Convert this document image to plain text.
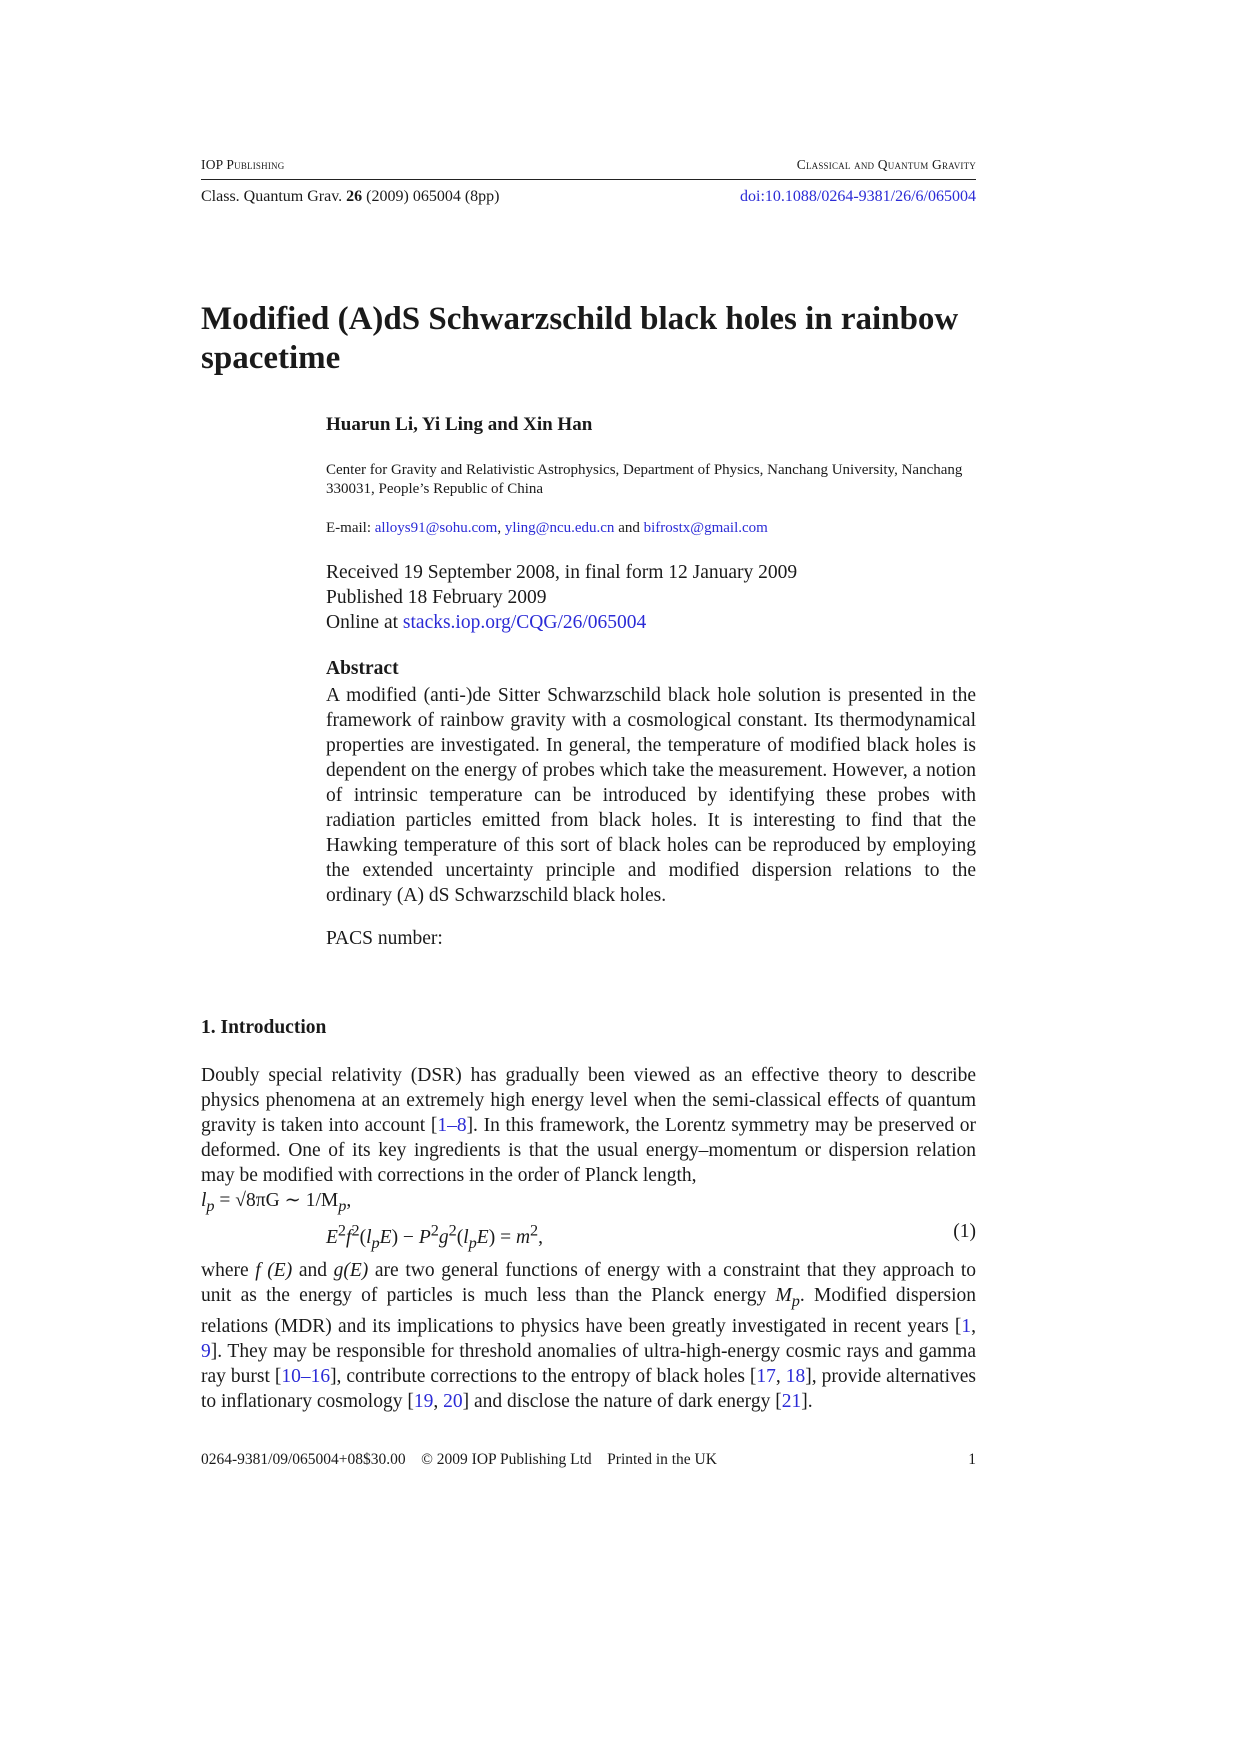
IOP Publishing	Classical and Quantum Gravity
Class. Quantum Grav. 26 (2009) 065004 (8pp)	doi:10.1088/0264-9381/26/6/065004
Modified (A)dS Schwarzschild black holes in rainbow spacetime
Huarun Li, Yi Ling and Xin Han
Center for Gravity and Relativistic Astrophysics, Department of Physics, Nanchang University, Nanchang 330031, People’s Republic of China
E-mail: alloys91@sohu.com, yling@ncu.edu.cn and bifrostx@gmail.com
Received 19 September 2008, in final form 12 January 2009
Published 18 February 2009
Online at stacks.iop.org/CQG/26/065004
Abstract

A modified (anti-)de Sitter Schwarzschild black hole solution is presented in the framework of rainbow gravity with a cosmological constant. Its thermodynamical properties are investigated. In general, the temperature of modified black holes is dependent on the energy of probes which take the measurement. However, a notion of intrinsic temperature can be introduced by identifying these probes with radiation particles emitted from black holes. It is interesting to find that the Hawking temperature of this sort of black holes can be reproduced by employing the extended uncertainty principle and modified dispersion relations to the ordinary (A) dS Schwarzschild black holes.

PACS number:
1. Introduction

Doubly special relativity (DSR) has gradually been viewed as an effective theory to describe physics phenomena at an extremely high energy level when the semi-classical effects of quantum gravity is taken into account [1–8]. In this framework, the Lorentz symmetry may be preserved or deformed. One of its key ingredients is that the usual energy–momentum or dispersion relation may be modified with corrections in the order of Planck length,
$l_p = √8\pi G$ ∼ $1/M_p$,

$E^2f^2(l_pE) - P^2g^2(l_pE) = m^2$,	(1)

where f (E) and g(E) are two general functions of energy with a constraint that they approach to unit as the energy of particles is much less than the Planck energy $M_p$. Modified dispersion relations (MDR) and its implications to physics have been greatly investigated in recent years [1, 9]. They may be responsible for threshold anomalies of ultra-high-energy cosmic rays and gamma ray burst [10–16], contribute corrections to the entropy of black holes [17, 18], provide alternatives to inflationary cosmology [19, 20] and disclose the nature of dark energy [21].

0264-9381/09/065004+08$30.00    © 2009 IOP Publishing Ltd    Printed in the UK	1
